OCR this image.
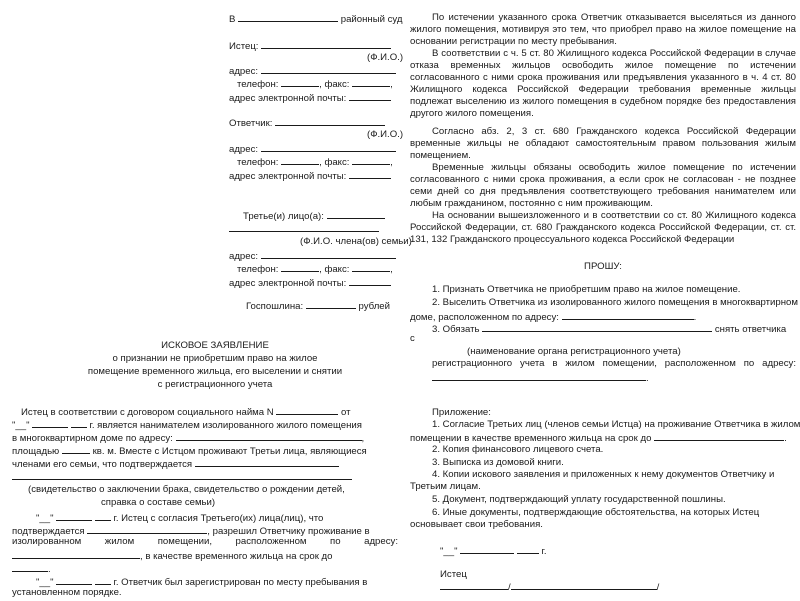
В	районный суд
Истец:
(Ф.И.О.)
адрес:
телефон:	, факс:	,
адрес электронной почты:
Ответчик:
(Ф.И.О.)
адрес:
телефон:	, факс:	,
адрес электронной почты:
Третье(и) лицо(а):
(Ф.И.О. члена(ов) семьи)
адрес:
телефон:	, факс:	,
адрес электронной почты:
Госпошлина:	рублей
ИСКОВОЕ ЗАЯВЛЕНИЕ
о признании не приобретшим право на жилое
помещение временного жильца, его выселении и снятии
с регистрационного учета
Истец в соответствии с договором социального найма N	от
"__"	г. является нанимателем изолированного жилого помещения
в многоквартирном доме по адресу:	,
площадью	кв. м. Вместе с Истцом проживают Третьи лица, являющиеся
членами его семьи, что подтверждается
(свидетельство о заключении брака, свидетельство о рождении детей,
справка о составе семьи)
"__"	г. Истец с согласия Третьего(их) лица(лиц), что
подтверждается	, разрешил Ответчику проживание в
изолированном жилом помещении, расположенном по адресу:
, в качестве временного жильца на срок до
.
"__"	г. Ответчик был зарегистрирован по месту пребывания в
установленном порядке.
По истечении указанного срока Ответчик отказывается выселяться из данного жилого помещения, мотивируя это тем, что приобрел право на жилое помещение на основании регистрации по месту пребывания.
В соответствии с ч. 5 ст. 80 Жилищного кодекса Российской Федерации в случае отказа временных жильцов освободить жилое помещение по истечении согласованного с ними срока проживания или предъявления указанного в ч. 4 ст. 80 Жилищного кодекса Российской Федерации требования временные жильцы подлежат выселению из жилого помещения в судебном порядке без предоставления другого жилого помещения.
Согласно абз. 2, 3 ст. 680 Гражданского кодекса Российской Федерации временные жильцы не обладают самостоятельным правом пользования жилым помещением.
Временные жильцы обязаны освободить жилое помещение по истечении согласованного с ними срока проживания, а если срок не согласован - не позднее семи дней со дня предъявления соответствующего требования нанимателем или любым гражданином, постоянно с ним проживающим.
На основании вышеизложенного и в соответствии со ст. 80 Жилищного кодекса Российской Федерации, ст. 680 Гражданского кодекса Российской Федерации, ст. ст. 131, 132 Гражданского процессуального кодекса Российской Федерации
ПРОШУ:
1. Признать Ответчика не приобретшим право на жилое помещение.
2. Выселить Ответчика из изолированного жилого помещения в многоквартирном
доме, расположенном по адресу:	.
3. Обязать	снять ответчика
с
(наименование органа регистрационного учета)
регистрационного учета в жилом помещении, расположенном по адресу:
.
Приложение:
1. Согласие Третьих лиц (членов семьи Истца) на проживание Ответчика в жилом
помещении в качестве временного жильца на срок до	.
2. Копия финансового лицевого счета.
3. Выписка из домовой книги.
4. Копии искового заявления и приложенных к нему документов Ответчику и
Третьим лицам.
5. Документ, подтверждающий уплату государственной пошлины.
6. Иные документы, подтверждающие обстоятельства, на которых Истец
основывает свои требования.
"__"	г.
Истец
/	/
